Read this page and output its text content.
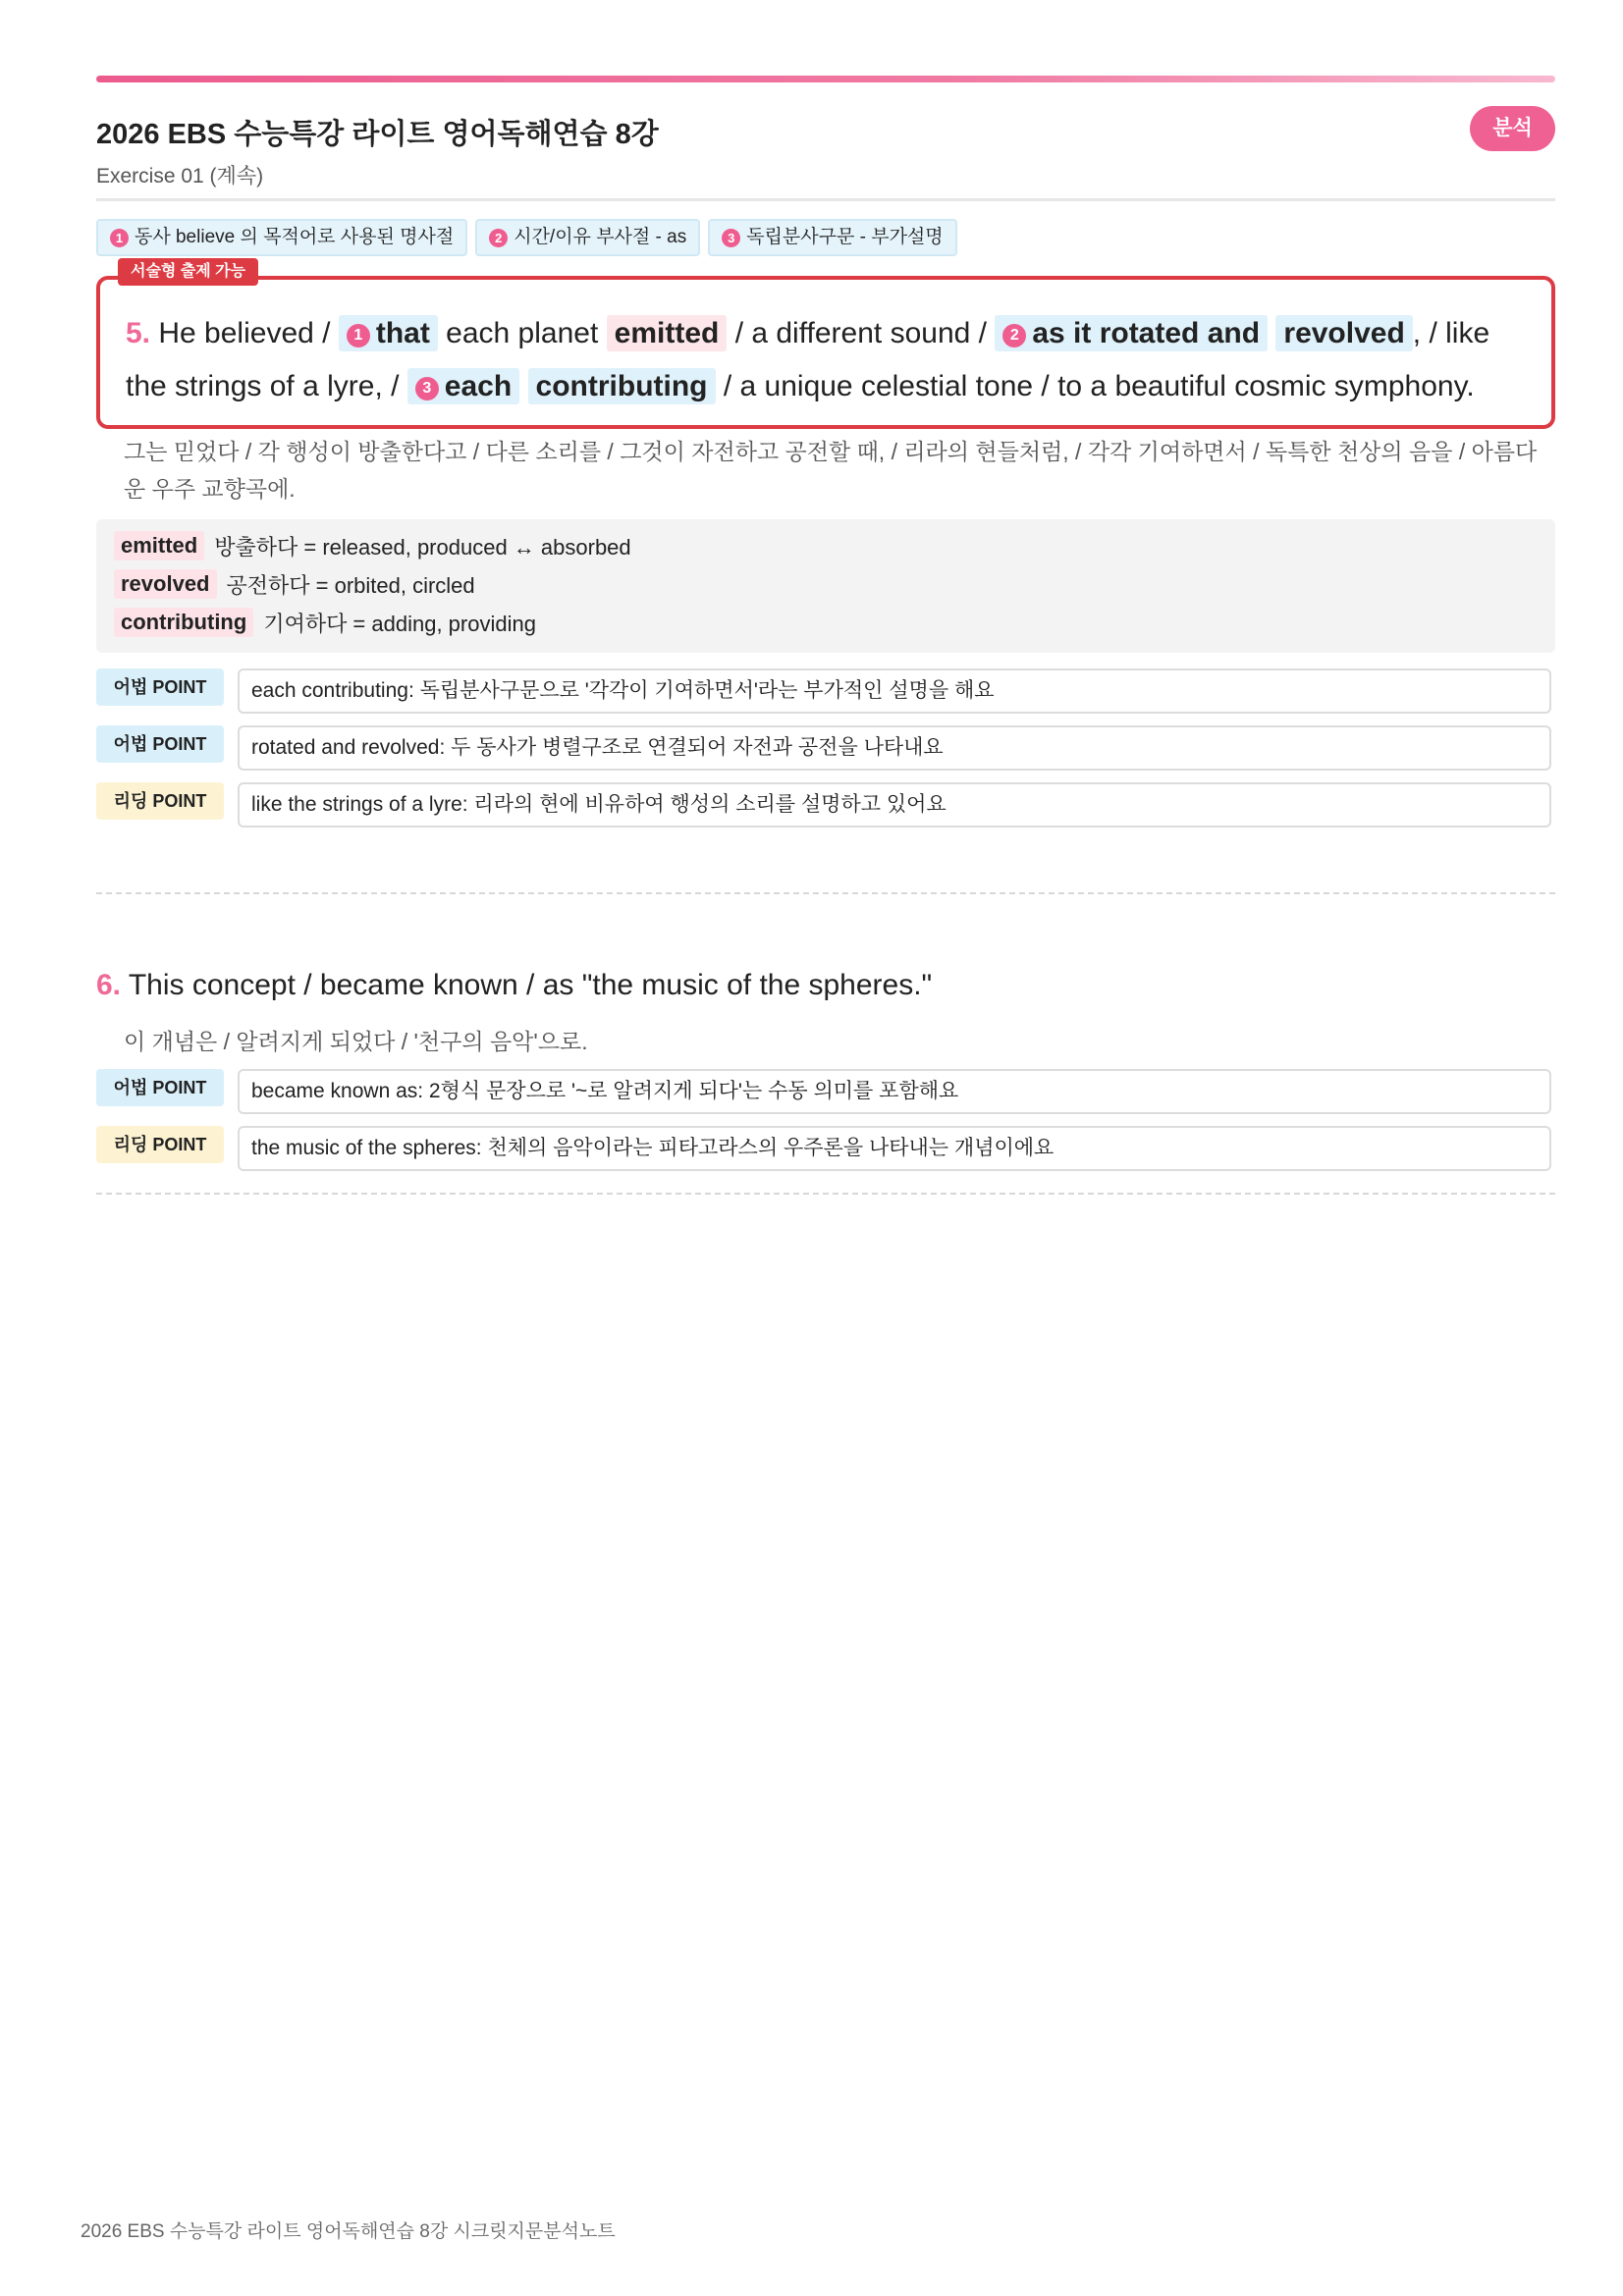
2026 EBS 수능특강 라이트 영어독해연습 8강
Exercise 01 (계속)
분석
1 동사 believe 의 목적어로 사용된 명사절	2 시간/이유 부사절 - as	3 독립분사구문 - 부가설명
5. He believed / 1 that each planet emitted / a different sound / 2 as it rotated and revolved , / like the strings of a lyre, / 3 each contributing / a unique celestial tone / to a beautiful cosmic symphony.
서술형 출제 가능
그는 믿었다 / 각 행성이 방출한다고 / 다른 소리를 / 그것이 자전하고 공전할 때, / 리라의 현들처럼, / 각각 기여하면서 / 독특한 천상의 음을 / 아름다운 우주 교향곡에.
emitted 방출하다 = released, produced ↔ absorbed
revolved 공전하다 = orbited, circled
contributing 기여하다 = adding, providing
어법 POINT	each contributing: 독립분사구문으로 '각각이 기여하면서'라는 부가적인 설명을 해요
어법 POINT	rotated and revolved: 두 동사가 병렬구조로 연결되어 자전과 공전을 나타내요
리딩 POINT	like the strings of a lyre: 리라의 현에 비유하여 행성의 소리를 설명하고 있어요
6. This concept / became known / as "the music of the spheres."
이 개념은 / 알려지게 되었다 / '천구의 음악'으로.
어법 POINT	became known as: 2형식 문장으로 '~로 알려지게 되다'는 수동 의미를 포함해요
리딩 POINT	the music of the spheres: 천체의 음악이라는 피타고라스의 우주론을 나타내는 개념이에요
2026 EBS 수능특강 라이트 영어독해연습 8강 시크릿지문분석노트
